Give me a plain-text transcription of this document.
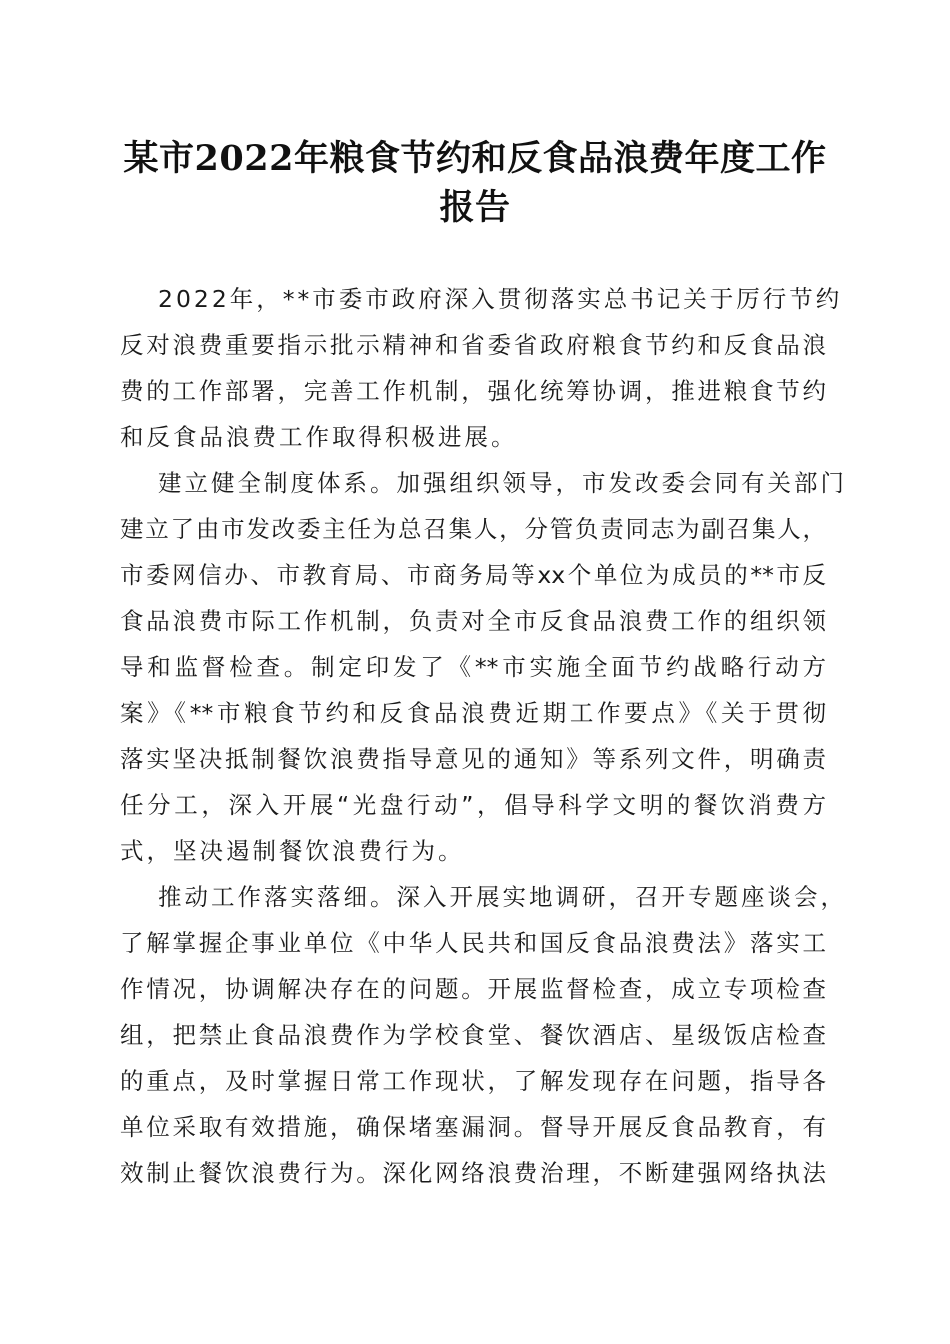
某市2022年粮食节约和反食品浪费年度工作
报告

2022年，**市委市政府深入贯彻落实总书记关于厉行节约
反对浪费重要指示批示精神和省委省政府粮食节约和反食品浪
费的工作部署，完善工作机制，强化统筹协调，推进粮食节约
和反食品浪费工作取得积极进展。

建立健全制度体系。加强组织领导，市发改委会同有关部门
建立了由市发改委主任为总召集人，分管负责同志为副召集人，
市委网信办、市教育局、市商务局等xx个单位为成员的**市反
食品浪费市际工作机制，负责对全市反食品浪费工作的组织领
导和监督检查。制定印发了《**市实施全面节约战略行动方
案》《**市粮食节约和反食品浪费近期工作要点》《关于贯彻
落实坚决抵制餐饮浪费指导意见的通知》等系列文件，明确责
任分工，深入开展“光盘行动”，倡导科学文明的餐饮消费方
式，坚决遏制餐饮浪费行为。

推动工作落实落细。深入开展实地调研，召开专题座谈会，
了解掌握企事业单位《中华人民共和国反食品浪费法》落实工
作情况，协调解决存在的问题。开展监督检查，成立专项检查
组，把禁止食品浪费作为学校食堂、餐饮酒店、星级饭店检查
的重点，及时掌握日常工作现状，了解发现存在问题，指导各
单位采取有效措施，确保堵塞漏洞。督导开展反食品教育，有
效制止餐饮浪费行为。深化网络浪费治理，不断建强网络执法
